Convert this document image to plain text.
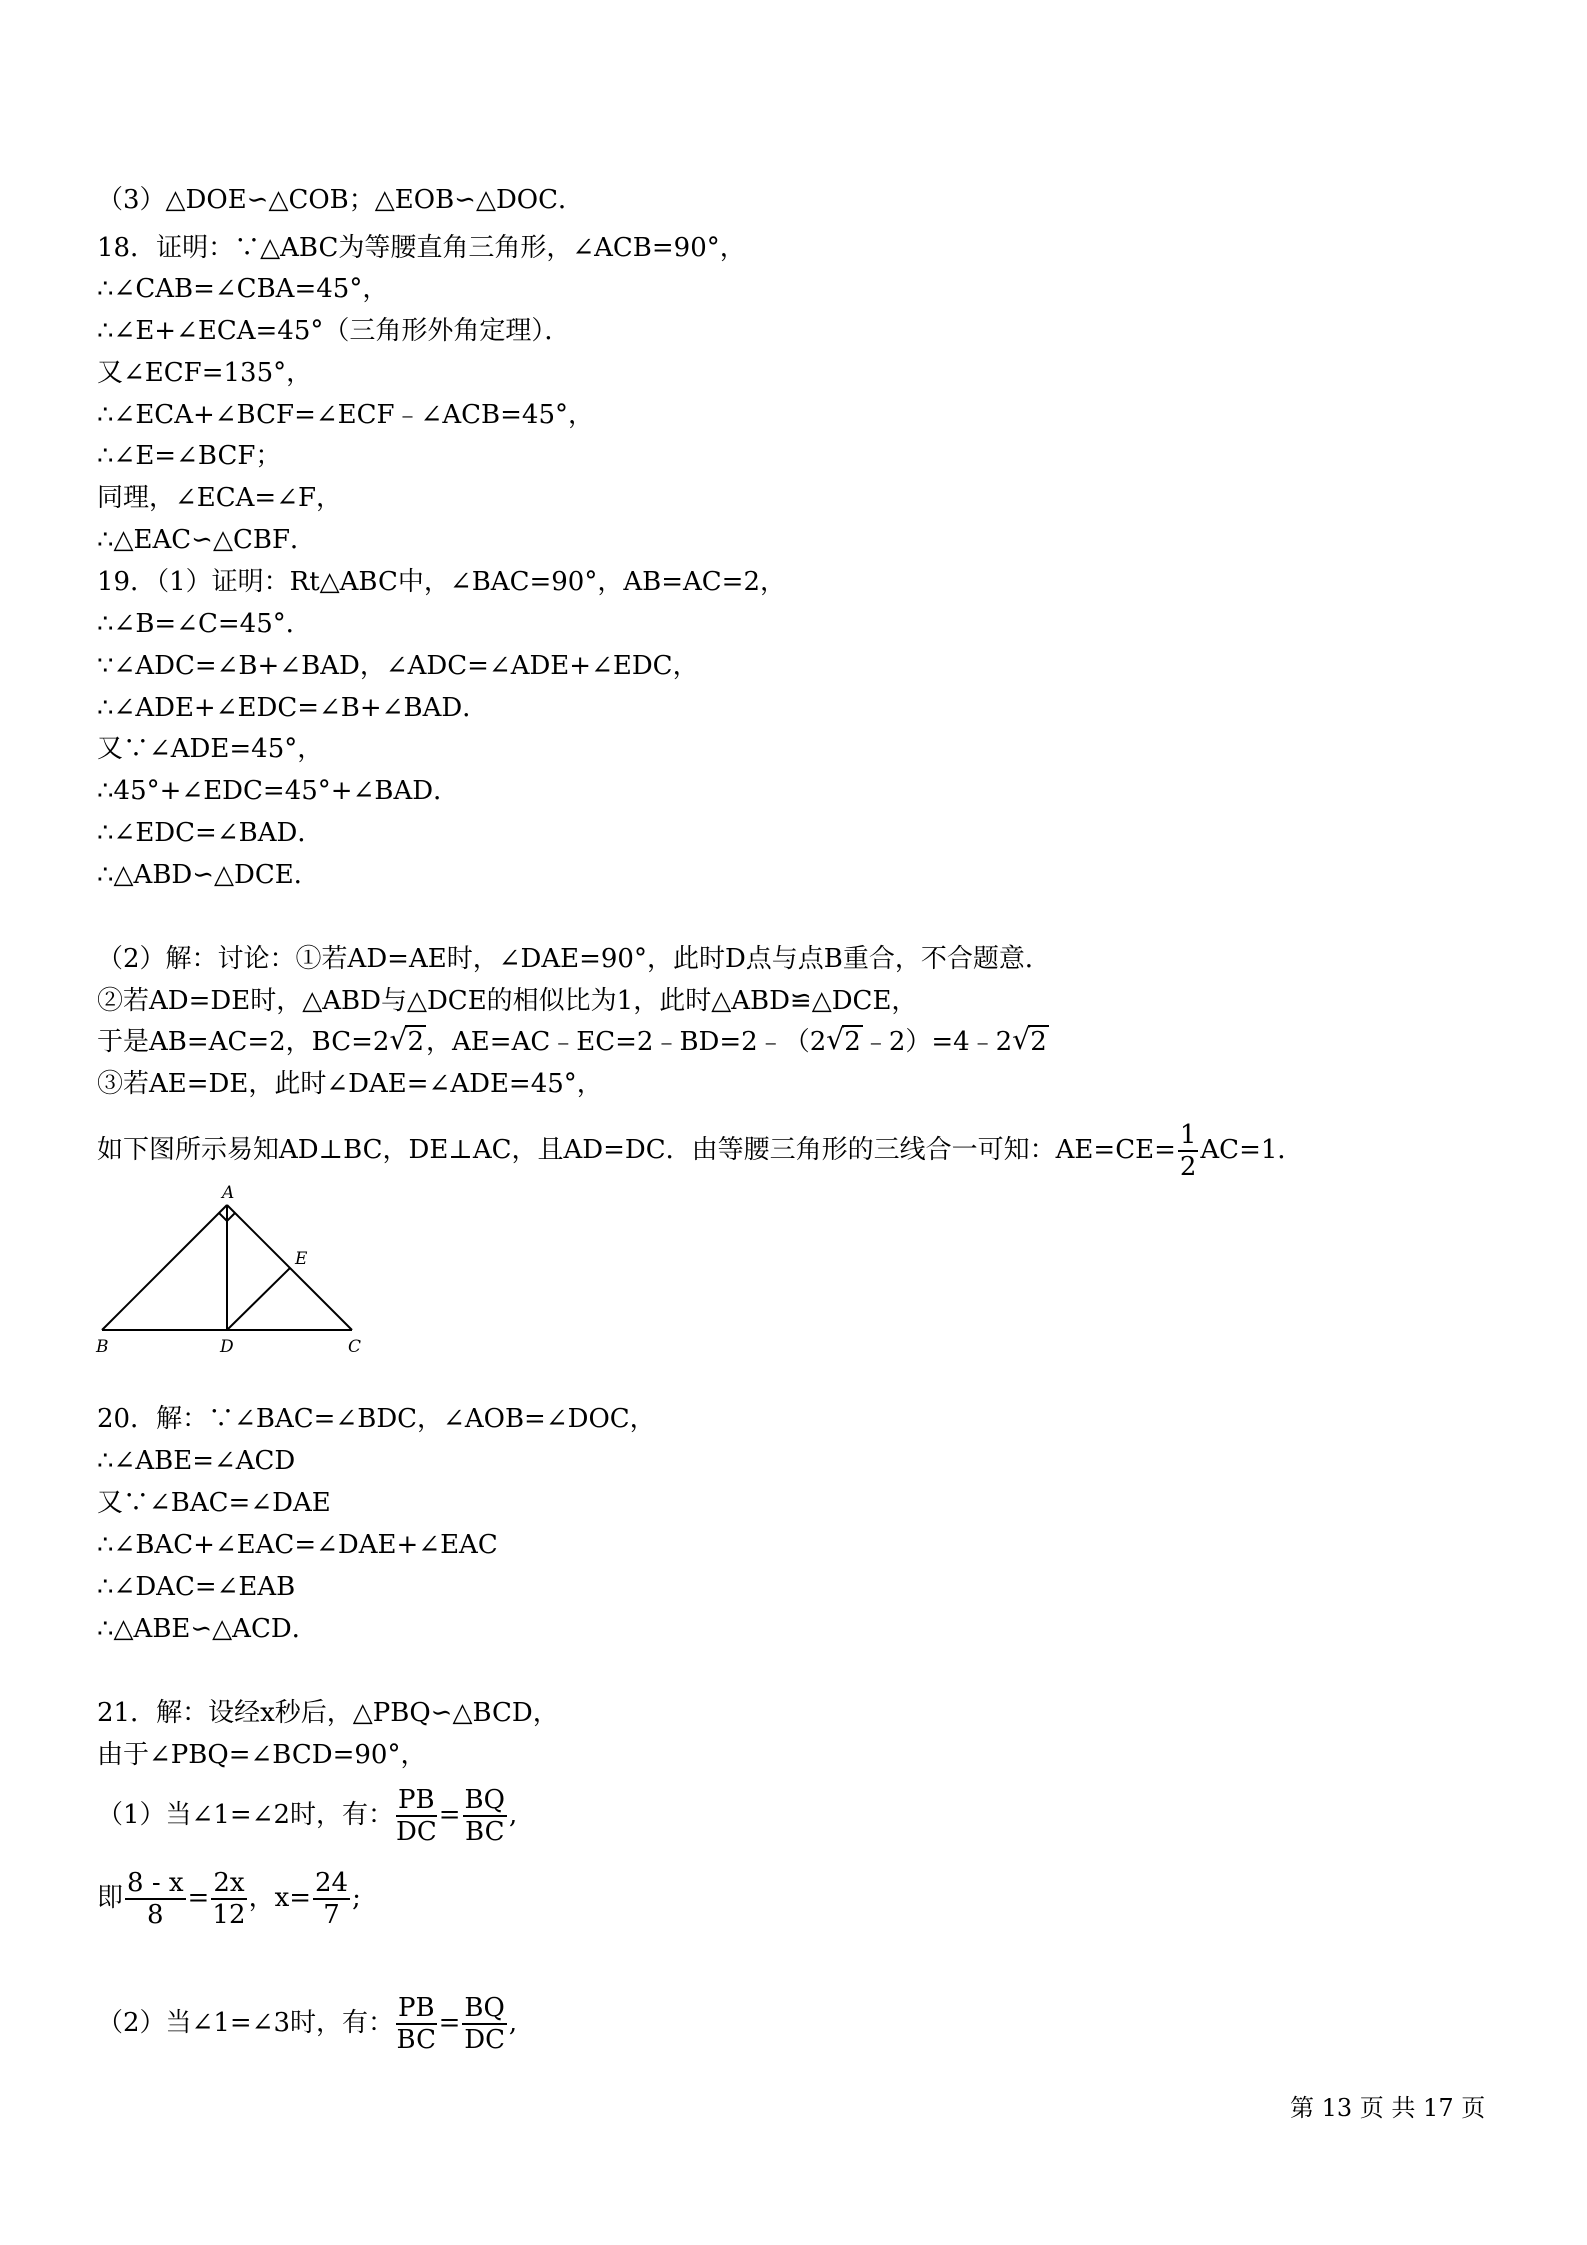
（3）△DOE∽△COB；△EOB∽△DOC．
18．证明：∵△ABC为等腰直角三角形，∠ACB=90°，
∴∠CAB=∠CBA=45°，
∴∠E+∠ECA=45°（三角形外角定理）．
又∠ECF=135°，
∴∠ECA+∠BCF=∠ECF﹣∠ACB=45°，
∴∠E=∠BCF；
同理，∠ECA=∠F，
∴△EAC∽△CBF．
19．（1）证明：Rt△ABC中，∠BAC=90°，AB=AC=2，
∴∠B=∠C=45°．
∵∠ADC=∠B+∠BAD，∠ADC=∠ADE+∠EDC，
∴∠ADE+∠EDC=∠B+∠BAD．
又∵∠ADE=45°，
∴45°+∠EDC=45°+∠BAD．
∴∠EDC=∠BAD．
∴△ABD∽△DCE．
（2）解：讨论：①若AD=AE时，∠DAE=90°，此时D点与点B重合，不合题意．
②若AD=DE时，△ABD与△DCE的相似比为1，此时△ABD≌△DCE，
于是AB=AC=2，BC=2 √ 2，AE=AC﹣EC=2﹣BD=2﹣（2 √ 2﹣2）=4﹣2 √ 2
③若AE=DE，此时∠DAE=∠ADE=45°，
如下图所示易知AD⊥BC，DE⊥AC，且AD=DC．由等腰三角形的三线合一可知：$AE=CE= \frac{1}{2} AC=1$．
A
B	D	C
E
20．解：∵∠BAC=∠BDC，∠AOB=∠DOC，
∴∠ABE=∠ACD
又∵∠BAC=∠DAE
∴∠BAC+∠EAC=∠DAE+∠EAC
∴∠DAC=∠EAB
∴△ABE∽△ACD．
21．解：设经x秒后，△PBQ∽△BCD，
由于∠PBQ=∠BCD=90°，
（1）当∠1=∠2时，有： $\frac{PB}{DC} = \frac{BQ}{BC}$ ,
即 $\frac{8 - x}{8} = \frac{2x}{12}$ ，$x= \frac{24}{7}$ ;
（2）当∠1=∠3时，有： $\frac{PB}{BC} = \frac{BQ}{DC}$ ,
第 13 页 共 17 页
